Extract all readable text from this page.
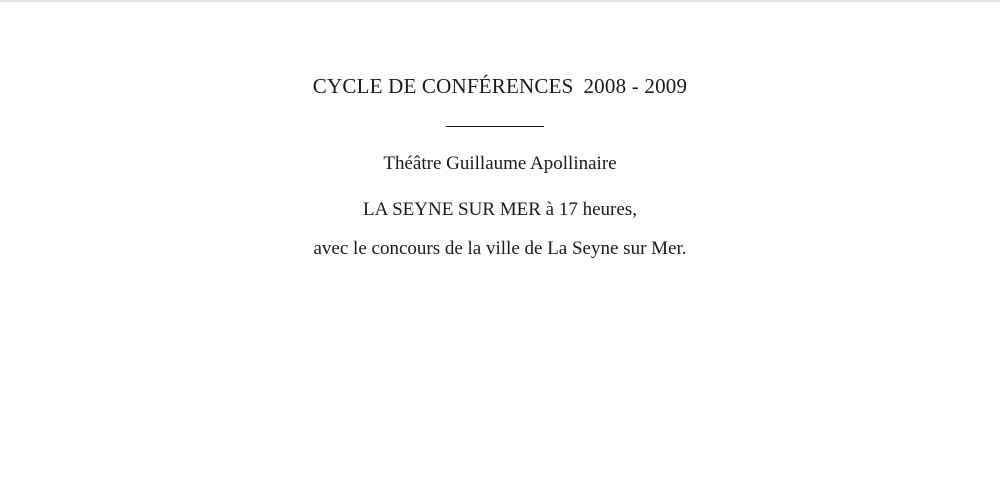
CYCLE DE CONFÉRENCES 2008 - 2009
Théâtre Guillaume Apollinaire
LA SEYNE SUR MER à 17 heures,
avec le concours de la ville de La Seyne sur Mer.
